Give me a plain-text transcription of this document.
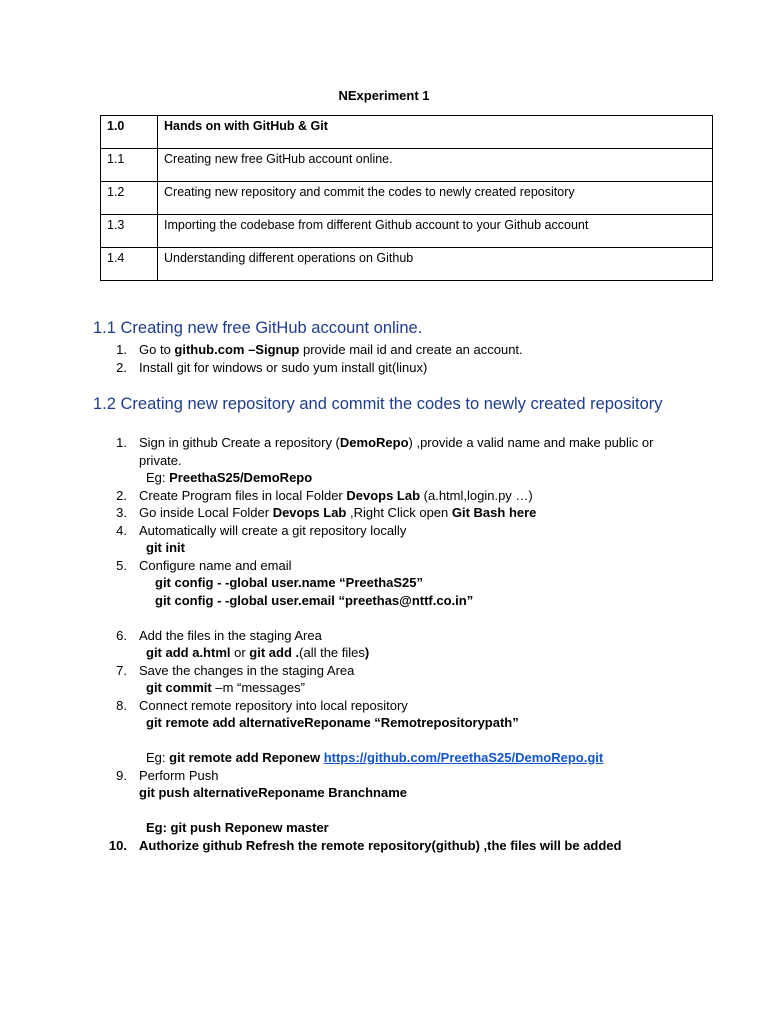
NExperiment 1
1.0	Hands on with GitHub & Git
1.1	Creating new free GitHub account online.
1.2	Creating new repository and commit the codes to newly created repository
1.3	Importing the codebase from different Github account to your Github account
1.4	Understanding different operations on Github
1.1 Creating new free GitHub account online.
1. Go to github.com –Signup provide mail id and create an account.
2. Install git for windows or sudo yum install git(linux)
1.2 Creating new repository and commit the codes to newly created repository
1. Sign in github Create a repository (DemoRepo) ,provide a valid name and make public or
private.
Eg: PreethaS25/DemoRepo
2. Create Program files in local Folder Devops Lab (a.html,login.py …)
3. Go inside Local Folder Devops Lab ,Right Click open Git Bash here
4. Automatically will create a git repository locally
git init
5. Configure name and email
git config - -global user.name “PreethaS25”
git config - -global user.email “preethas@nttf.co.in”
6. Add the files in the staging Area
git add a.html or git add .(all the files)
7. Save the changes in the staging Area
git commit –m “messages”
8. Connect remote repository into local repository
git remote add alternativeReponame “Remotrepositorypath”
Eg: git remote add Reponew https://github.com/PreethaS25/DemoRepo.git
9. Perform Push
git push alternativeReponame Branchname
Eg: git push Reponew master
10. Authorize github Refresh the remote repository(github) ,the files will be added
